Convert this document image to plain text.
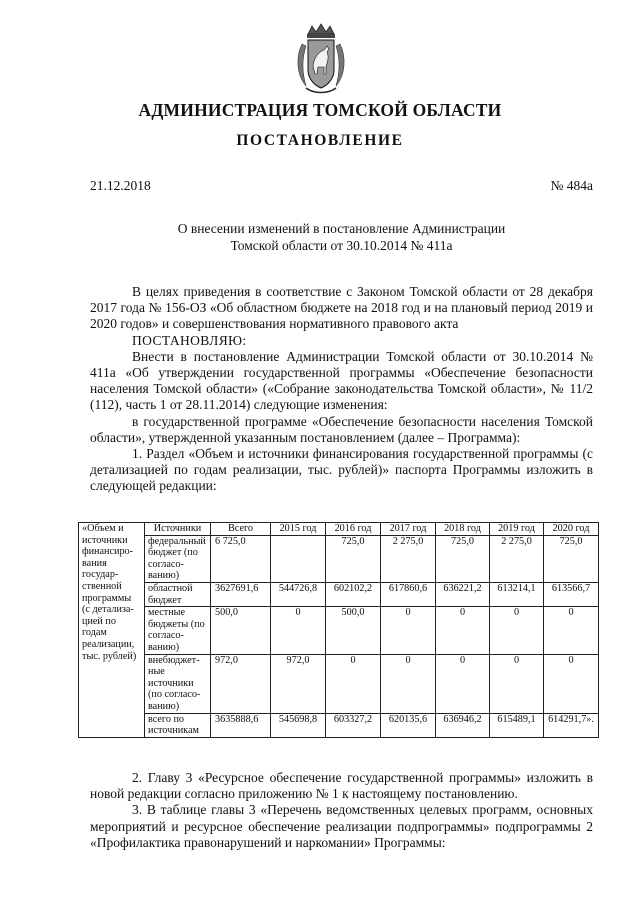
АДМИНИСТРАЦИЯ ТОМСКОЙ ОБЛАСТИ
ПОСТАНОВЛЕНИЕ
21.12.2018	№ 484а
О внесении изменений в постановление Администрации
Томской области от 30.10.2014 № 411а

В целях приведения в соответствие с Законом Томской области от 28 декабря 2017 года № 156-ОЗ «Об областном бюджете на 2018 год и на плановый период 2019 и 2020 годов» и совершенствования нормативного правового акта

ПОСТАНОВЛЯЮ:

Внести в постановление Администрации Томской области от 30.10.2014 № 411а «Об утверждении государственной программы «Обеспечение безопасности населения Томской области» («Собрание законодательства Томской области», № 11/2 (112), часть 1 от 28.11.2014) следующие изменения:

в государственной программе «Обеспечение безопасности населения Томской области», утвержденной указанным постановлением (далее – Программа):

1. Раздел «Объем и источники финансирования государственной программы (с детализацией по годам реализации, тыс. рублей)» паспорта Программы изложить в следующей редакции:

«Объем и источники финансиро- вания государ- ственной программы (с детализа- цией по годам реализации, тыс. рублей)	Источники	Всего	2015 год	2016 год	2017 год	2018 год	2019 год	2020 год
	федеральный бюджет (по согласо- ванию)	6 725,0		725,0	2 275,0	725,0	2 275,0	725,0
	областной бюджет	3627691,6	544726,8	602102,2	617860,6	636221,2	613214,1	613566,7
	местные бюджеты (по согласо- ванию)	500,0	0	500,0	0	0	0	0
	внебюджет- ные источники (по согласо- ванию)	972,0	972,0	0	0	0	0	0
	всего по источникам	3635888,6	545698,8	603327,2	620135,6	636946,2	615489,1	614291,7».

2. Главу 3 «Ресурсное обеспечение государственной программы» изложить в новой редакции согласно приложению № 1 к настоящему постановлению.

3. В таблице главы 3 «Перечень ведомственных целевых программ, основных мероприятий и ресурсное обеспечение реализации подпрограммы» подпрограммы 2 «Профилактика правонарушений и наркомании» Программы:
